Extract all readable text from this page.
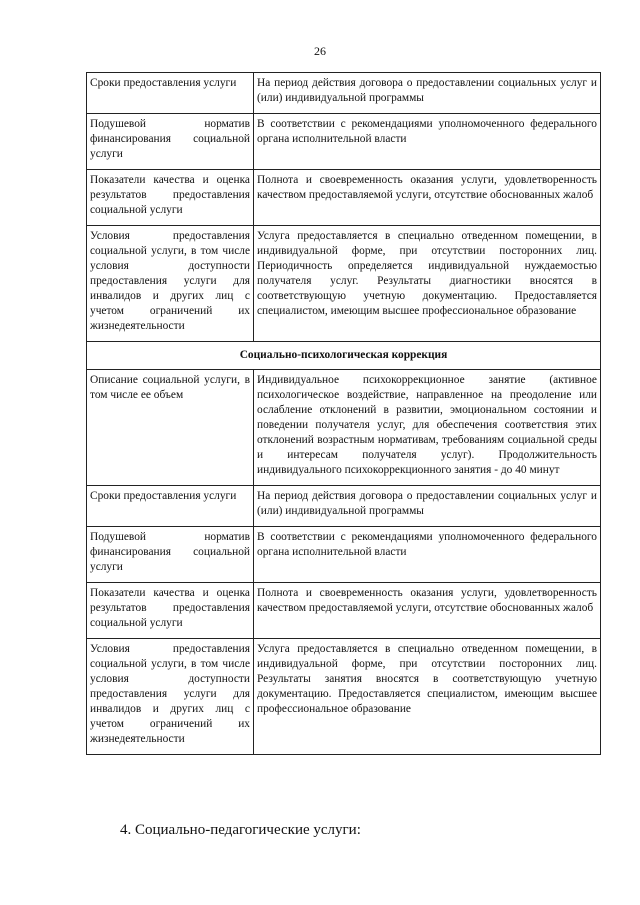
26
Сроки предоставления услуги	На период действия договора о предоставлении социальных услуг и (или) индивидуальной программы
Подушевой норматив финансирования социальной услуги	В соответствии с рекомендациями уполномоченного федерального органа исполнительной власти
Показатели качества и оценка результатов предоставления социальной услуги	Полнота и своевременность оказания услуги, удовлетворенность качеством предоставляемой услуги, отсутствие обоснованных жалоб
Условия предоставления социальной услуги, в том числе условия доступности предоставления услуги для инвалидов и других лиц с учетом ограничений их жизнедеятельности	Услуга предоставляется в специально отведенном помещении, в индивидуальной форме, при отсутствии посторонних лиц. Периодичность определяется индивидуальной нуждаемостью получателя услуг. Результаты диагностики вносятся в соответствующую учетную документацию. Предоставляется специалистом, имеющим высшее профессиональное образование
Социально-психологическая коррекция	
Описание социальной услуги, в том числе ее объем	Индивидуальное психокоррекционное занятие (активное психологическое воздействие, направленное на преодоление или ослабление отклонений в развитии, эмоциональном состоянии и поведении получателя услуг, для обеспечения соответствия этих отклонений возрастным нормативам, требованиям социальной среды и интересам получателя услуг). Продолжительность индивидуального психокоррекционного занятия - до 40 минут
Сроки предоставления услуги	На период действия договора о предоставлении социальных услуг и (или) индивидуальной программы
Подушевой норматив финансирования социальной услуги	В соответствии с рекомендациями уполномоченного федерального органа исполнительной власти
Показатели качества и оценка результатов предоставления социальной услуги	Полнота и своевременность оказания услуги, удовлетворенность качеством предоставляемой услуги, отсутствие обоснованных жалоб
Условия предоставления социальной услуги, в том числе условия доступности предоставления услуги для инвалидов и других лиц с учетом ограничений их жизнедеятельности	Услуга предоставляется в специально отведенном помещении, в индивидуальной форме, при отсутствии посторонних лиц. Результаты занятия вносятся в соответствующую учетную документацию. Предоставляется специалистом, имеющим высшее профессиональное образование
4. Социально-педагогические услуги:
